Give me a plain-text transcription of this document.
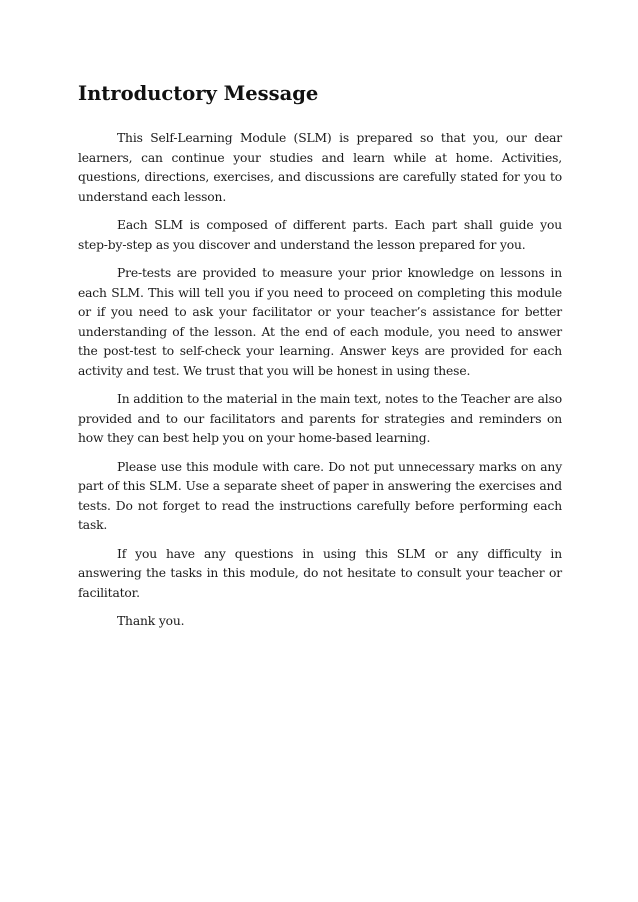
Introductory Message

This Self-Learning Module (SLM) is prepared so that you, our dear learners, can continue your studies and learn while at home. Activities, questions, directions, exercises, and discussions are carefully stated for you to understand each lesson.

Each SLM is composed of different parts. Each part shall guide you step-by-step as you discover and understand the lesson prepared for you.

Pre-tests are provided to measure your prior knowledge on lessons in each SLM. This will tell you if you need to proceed on completing this module or if you need to ask your facilitator or your teacher’s assistance for better understanding of the lesson. At the end of each module, you need to answer the post-test to self-check your learning. Answer keys are provided for each activity and test. We trust that you will be honest in using these.

In addition to the material in the main text, notes to the Teacher are also provided and to our facilitators and parents for strategies and reminders on how they can best help you on your home-based learning.

Please use this module with care. Do not put unnecessary marks on any part of this SLM. Use a separate sheet of paper in answering the exercises and tests. Do not forget to read the instructions carefully before performing each task.

If you have any questions in using this SLM or any difficulty in answering the tasks in this module, do not hesitate to consult your teacher or facilitator.

Thank you.
